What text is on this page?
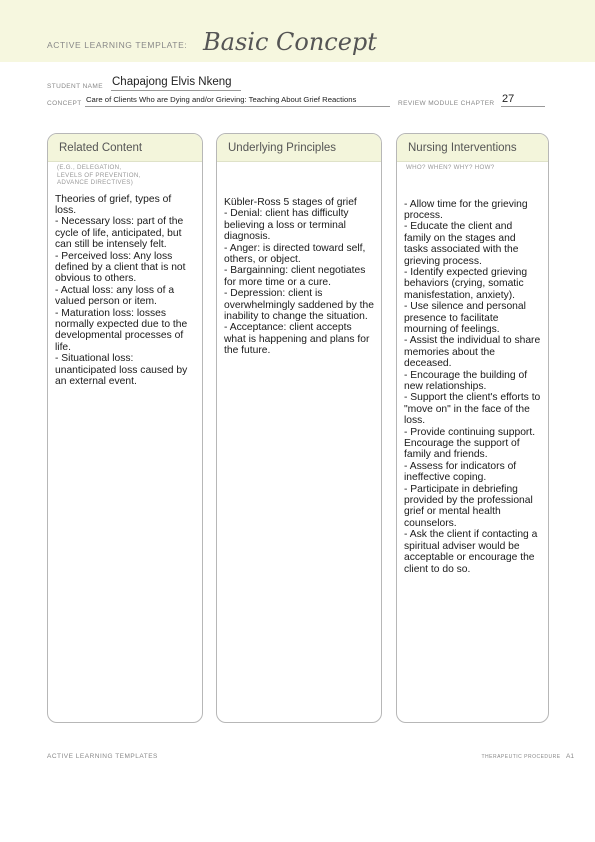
ACTIVE LEARNING TEMPLATE: Basic Concept
STUDENT NAME Chapajong Elvis Nkeng
CONCEPT Care of Clients Who are Dying and/or Grieving: Teaching About Grief Reactions	REVIEW MODULE CHAPTER 27
Related Content
(E.G., DELEGATION,
LEVELS OF PREVENTION,
ADVANCE DIRECTIVES)
Theories of grief, types of loss.
- Necessary loss: part of the cycle of life, anticipated, but can still be intensely felt.
- Perceived loss: Any loss defined by a client that is not obvious to others.
- Actual loss: any loss of a valued person or item.
- Maturation loss: losses normally expected due to the developmental processes of life.
- Situational loss: unanticipated loss caused by an external event.
Underlying Principles
Kübler-Ross 5 stages of grief
- Denial: client has difficulty believing a loss or terminal diagnosis.
- Anger: is directed toward self, others, or object.
- Bargainning: client negotiates for more time or a cure.
- Depression: client is overwhelmingly saddened by the inability to change the situation.
- Acceptance: client accepts what is happening and plans for the future.
Nursing Interventions
WHO? WHEN? WHY? HOW?
- Allow time for the grieving process.
- Educate the client and family on the stages and tasks associated with the grieving process.
- Identify expected grieving behaviors (crying, somatic manisfestation, anxiety).
- Use silence and personal presence to facilitate mourning of feelings.
- Assist the individual to share memories about the deceased.
- Encourage the building of new relationships.
- Support the client's efforts to "move on" in the face of the loss.
- Provide continuing support. Encourage the support of family and friends.
- Assess for indicators of ineffective coping.
- Participate in debriefing provided by the professional grief or mental health counselors.
- Ask the client if contacting a spiritual adviser would be acceptable or encourage the client to do so.
ACTIVE LEARNING TEMPLATES	THERAPEUTIC PROCEDURE A1
